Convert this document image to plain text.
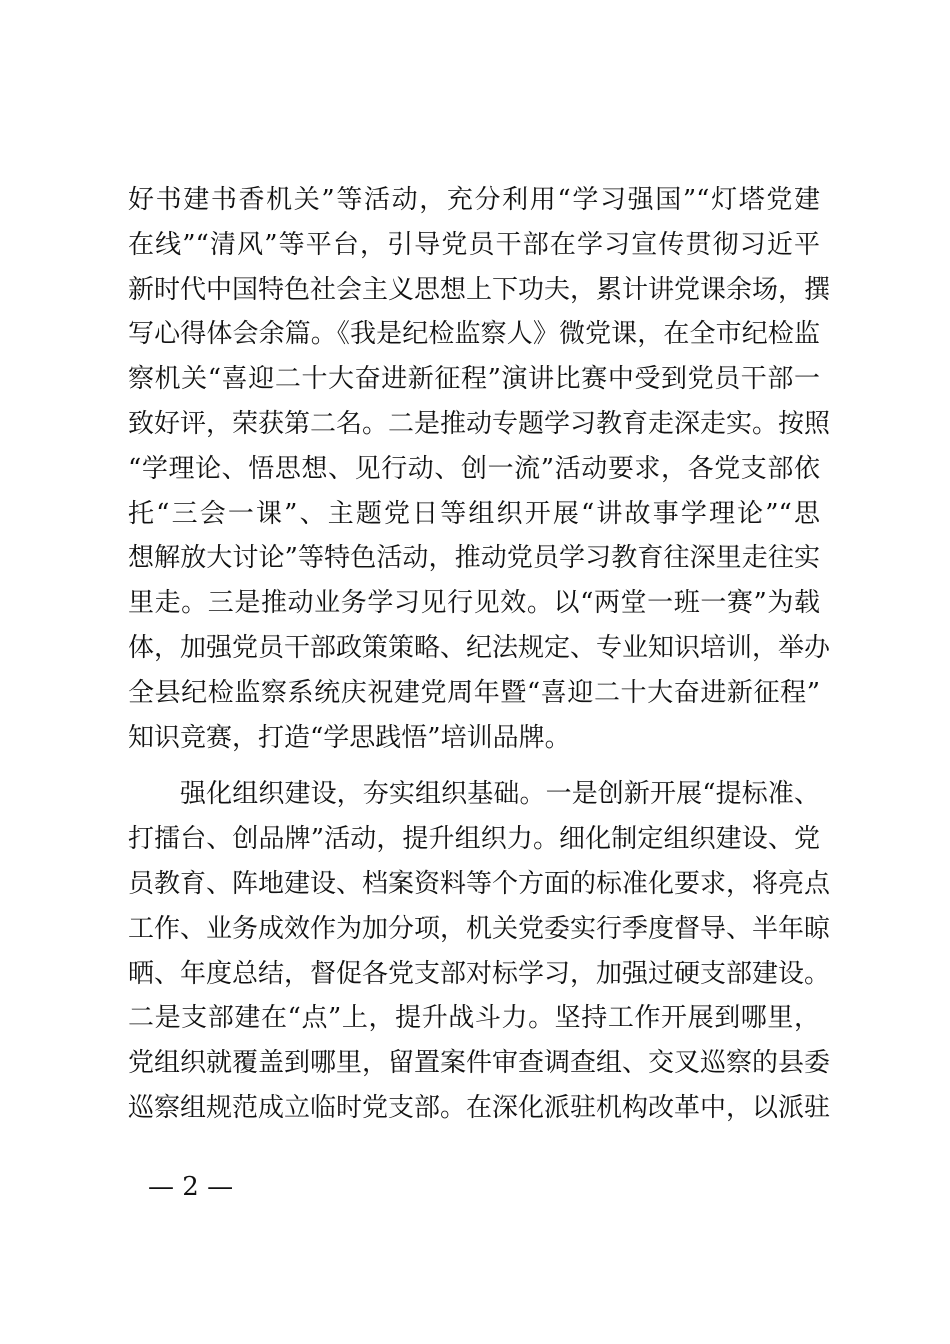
好书建书香机关”等活动，充分利用“学习强国”“灯塔党建
在线”“清风”等平台，引导党员干部在学习宣传贯彻习近平
新时代中国特色社会主义思想上下功夫，累计讲党课余场，撰
写心得体会余篇。《我是纪检监察人》微党课，在全市纪检监
察机关“喜迎二十大奋进新征程”演讲比赛中受到党员干部一
致好评，荣获第二名。二是推动专题学习教育走深走实。按照
“学理论、悟思想、见行动、创一流”活动要求，各党支部依
托“三会一课”、主题党日等组织开展“讲故事学理论”“思
想解放大讨论”等特色活动，推动党员学习教育往深里走往实
里走。三是推动业务学习见行见效。以“两堂一班一赛”为载
体，加强党员干部政策策略、纪法规定、专业知识培训，举办
全县纪检监察系统庆祝建党周年暨“喜迎二十大奋进新征程”
知识竞赛，打造“学思践悟”培训品牌。
强化组织建设，夯实组织基础。一是创新开展“提标准、
打擂台、创品牌”活动，提升组织力。细化制定组织建设、党
员教育、阵地建设、档案资料等个方面的标准化要求，将亮点
工作、业务成效作为加分项，机关党委实行季度督导、半年晾
晒、年度总结，督促各党支部对标学习，加强过硬支部建设。
二是支部建在“点”上，提升战斗力。坚持工作开展到哪里，
党组织就覆盖到哪里，留置案件审查调查组、交叉巡察的县委
巡察组规范成立临时党支部。在深化派驻机构改革中，以派驻
— 2 —
